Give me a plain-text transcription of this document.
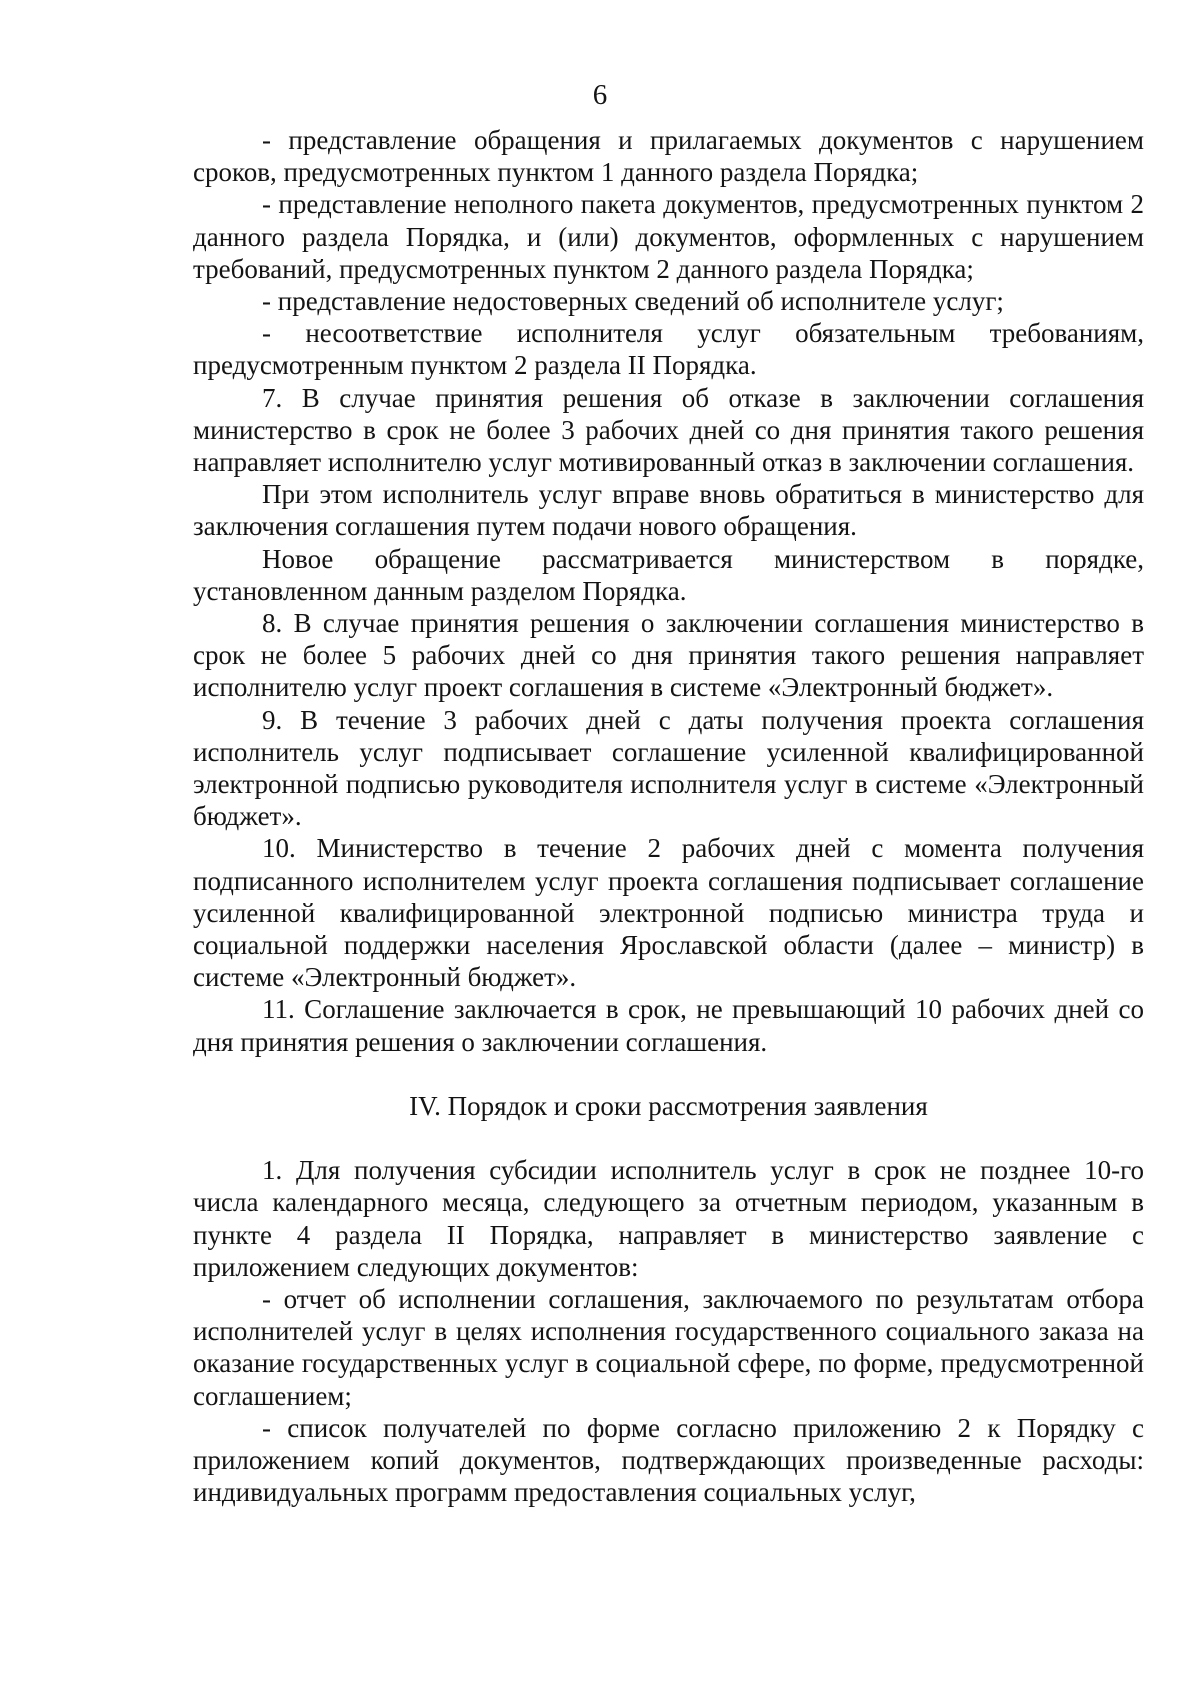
6

- представление обращения и прилагаемых документов с нарушением сроков, предусмотренных пунктом 1 данного раздела Порядка;

- представление неполного пакета документов, предусмотренных пунктом 2 данного раздела Порядка, и (или) документов, оформленных с нарушением требований, предусмотренных пунктом 2 данного раздела Порядка;

- представление недостоверных сведений об исполнителе услуг;

- несоответствие исполнителя услуг обязательным требованиям, предусмотренным пунктом 2 раздела II Порядка.

7. В случае принятия решения об отказе в заключении соглашения министерство в срок не более 3 рабочих дней со дня принятия такого решения направляет исполнителю услуг мотивированный отказ в заключении соглашения.

При этом исполнитель услуг вправе вновь обратиться в министерство для заключения соглашения путем подачи нового обращения.

Новое обращение рассматривается министерством в порядке, установленном данным разделом Порядка.

8. В случае принятия решения о заключении соглашения министерство в срок не более 5 рабочих дней со дня принятия такого решения направляет исполнителю услуг проект соглашения в системе «Электронный бюджет».

9. В течение 3 рабочих дней с даты получения проекта соглашения исполнитель услуг подписывает соглашение усиленной квалифицированной электронной подписью руководителя исполнителя услуг в системе «Электронный бюджет».

10. Министерство в течение 2 рабочих дней с момента получения подписанного исполнителем услуг проекта соглашения подписывает соглашение усиленной квалифицированной электронной подписью министра труда и социальной поддержки населения Ярославской области (далее – министр) в системе «Электронный бюджет».

11. Соглашение заключается в срок, не превышающий 10 рабочих дней со дня принятия решения о заключении соглашения.

IV. Порядок и сроки рассмотрения заявления

1. Для получения субсидии исполнитель услуг в срок не позднее 10-го числа календарного месяца, следующего за отчетным периодом, указанным в пункте 4 раздела II Порядка, направляет в министерство заявление с приложением следующих документов:

- отчет об исполнении соглашения, заключаемого по результатам отбора исполнителей услуг в целях исполнения государственного социального заказа на оказание государственных услуг в социальной сфере, по форме, предусмотренной соглашением;

- список получателей по форме согласно приложению 2 к Порядку с приложением копий документов, подтверждающих произведенные расходы: индивидуальных программ предоставления социальных услуг,
